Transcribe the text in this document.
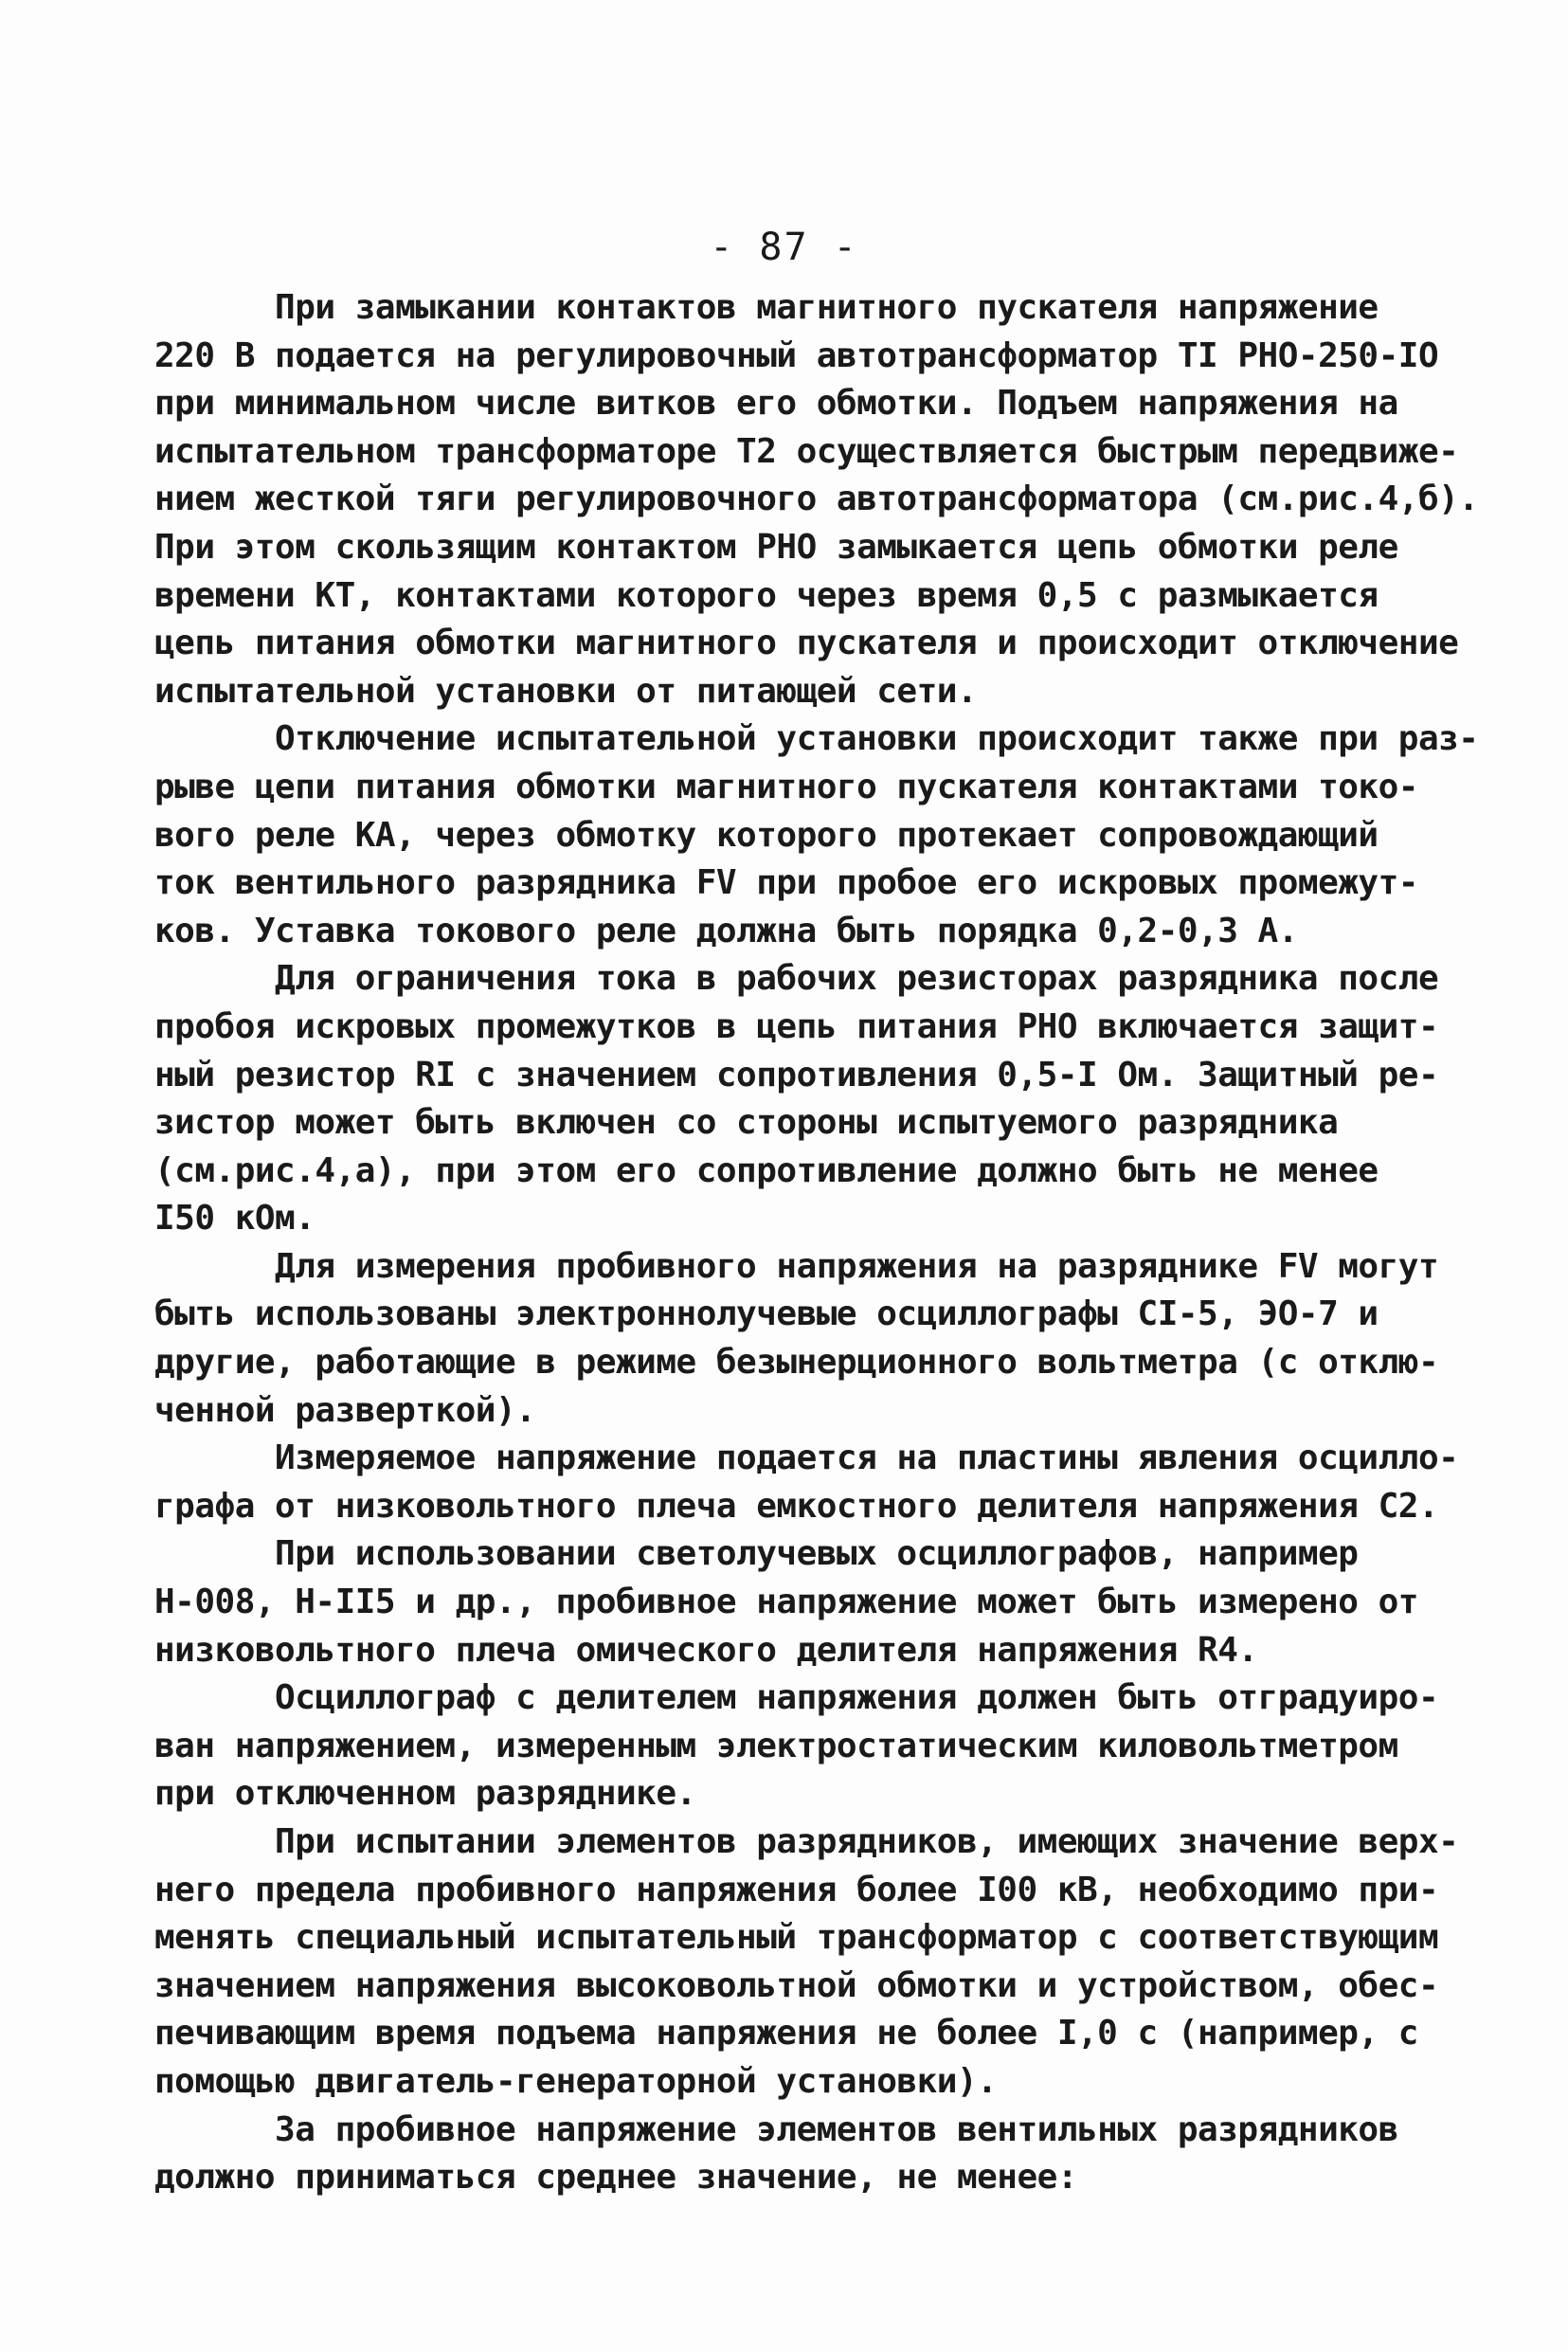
- 87 -
При замыкании контактов магнитного пускателя напряжение
220 В подается на регулировочный автотрансформатор TI PHO-250-IO
при минимальном числе витков его обмотки. Подъем напряжения на
испытательном трансформаторе T2 осуществляется быстрым передвиже-
нием жесткой тяги регулировочного автотрансформатора (см.рис.4,б).
При этом скользящим контактом PHO замыкается цепь обмотки реле
времени KT, контактами которого через время 0,5 с размыкается
цепь питания обмотки магнитного пускателя и происходит отключение
испытательной установки от питающей сети.
Отключение испытательной установки происходит также при раз-
рыве цепи питания обмотки магнитного пускателя контактами токо-
вого реле KA, через обмотку которого протекает сопровождающий
ток вентильного разрядника FV при пробое его искровых промежут-
ков. Уставка токового реле должна быть порядка 0,2-0,3 A.
Для ограничения тока в рабочих резисторах разрядника после
пробоя искровых промежутков в цепь питания PHO включается защит-
ный резистор RI с значением сопротивления 0,5-I Ом. Защитный ре-
зистор может быть включен со стороны испытуемого разрядника
(см.рис.4,а), при этом его сопротивление должно быть не менее
I50 кОм.
Для измерения пробивного напряжения на разряднике FV могут
быть использованы электроннолучевые осциллографы CI-5, ЭО-7 и
другие, работающие в режиме безынерционного вольтметра (с отклю-
ченной разверткой).
Измеряемое напряжение подается на пластины явления осцилло-
графа от низковольтного плеча емкостного делителя напряжения C2.
При использовании светолучевых осциллографов, например
H-008, H-II5 и др., пробивное напряжение может быть измерено от
низковольтного плеча омического делителя напряжения R4.
Осциллограф с делителем напряжения должен быть отградуиро-
ван напряжением, измеренным электростатическим киловольтметром
при отключенном разряднике.
При испытании элементов разрядников, имеющих значение верх-
него предела пробивного напряжения более I00 кВ, необходимо при-
менять специальный испытательный трансформатор с соответствующим
значением напряжения высоковольтной обмотки и устройством, обес-
печивающим время подъема напряжения не более I,0 с (например, с
помощью двигатель-генераторной установки).
За пробивное напряжение элементов вентильных разрядников
должно приниматься среднее значение, не менее:
